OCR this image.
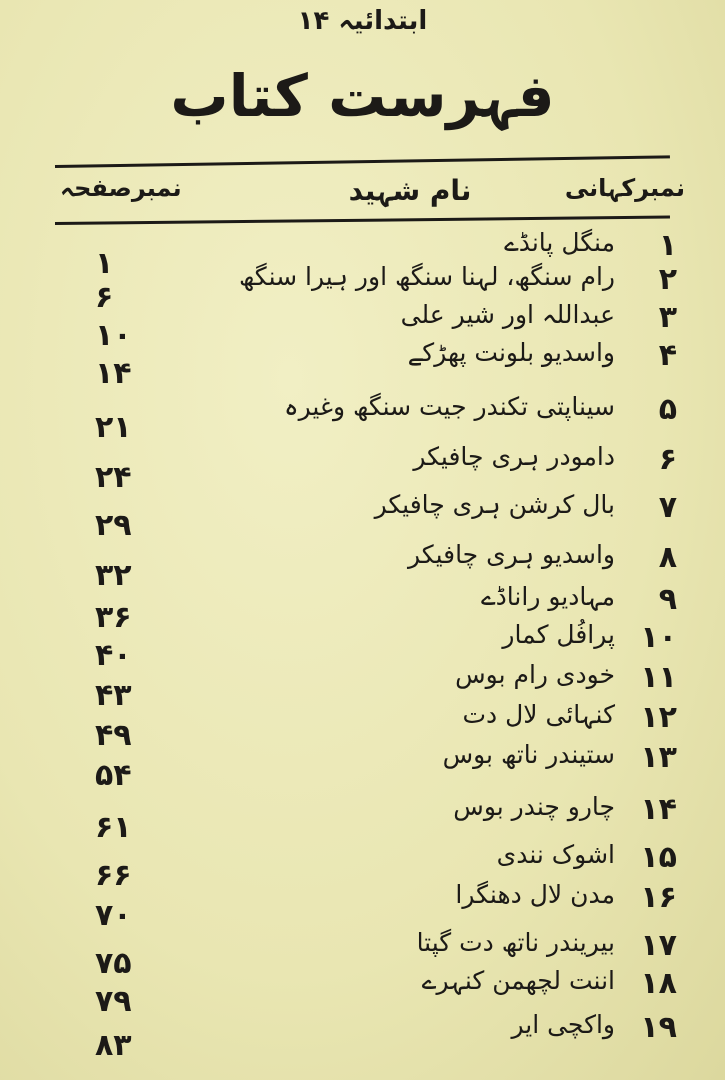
ابتدائیہ ۱۴
فہرست کتاب
نمبرکہانی
نام شہید
نمبرصفحہ
۱
منگل پانڈے
۱	۲
رام سنگھ، لہنا سنگھ اور ہیرا سنگھ
۶
۳
عبداللہ اور شیر علی
۱۰
۴
واسدیو بلونت پھڑکے
۱۴
۵
سیناپتی تکندر جیت سنگھ وغیرہ
۲۱
۶
دامودر ہری چافیکر
۲۴
۷
بال کرشن ہری چافیکر
۲۹
۸
واسدیو ہری چافیکر
۳۲
۹
مہادیو راناڈے
۳۶
۱۰
پرافُل کمار
۴۰
۱۱
خودی رام بوس
۴۳
۱۲
کنہائی لال دت
۴۹
۱۳
ستیندر ناتھ بوس
۵۴
۱۴
چارو چندر بوس
۶۱
۱۵
اشوک نندی
۶۶
۱۶
مدن لال دھنگرا
۷۰
۱۷
بیریندر ناتھ دت گپتا
۷۵
۱۸
اننت لچھمن کنہرے
۷۹
۱۹
واکچی ایر
۸۳
